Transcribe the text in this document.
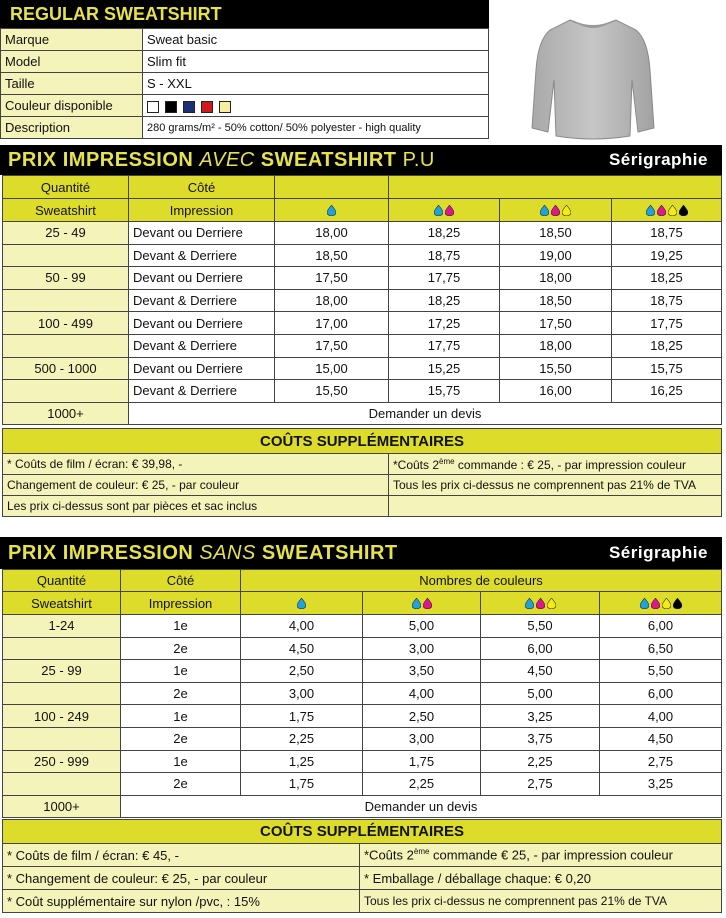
REGULAR SWEATSHIRT
Marque	Sweat basic
Model	Slim fit
Taille	S - XXL
Couleur disponible	
Description	280 grams/m² - 50% cotton/ 50% polyester - high quality
PRIX IMPRESSION AVEC SWEATSHIRT P.U	Sérigraphie
Quantité	Côté				
Sweatshirt	Impression				
25 - 49	Devant ou Derriere	18,00	18,25	18,50	18,75
	Devant & Derriere	18,50	18,75	19,00	19,25
50 - 99	Devant ou Derriere	17,50	17,75	18,00	18,25
	Devant & Derriere	18,00	18,25	18,50	18,75
100 - 499	Devant ou Derriere	17,00	17,25	17,50	17,75
	Devant & Derriere	17,50	17,75	18,00	18,25
500 - 1000	Devant ou Derriere	15,00	15,25	15,50	15,75
	Devant & Derriere	15,50	15,75	16,00	16,25
1000+	Demander un devis				
COÛTS SUPPLÉMENTAIRES	
* Coûts de film / écran: € 39,98, -	*Coûts 2ème commande : € 25, - par impression couleur
Changement de couleur: € 25, - par couleur	Tous les prix ci-dessus ne comprennent pas 21% de TVA
Les prix ci-dessus sont par pièces et sac inclus	
PRIX IMPRESSION SANS SWEATSHIRT	Sérigraphie
Quantité	Côté	Nombres de couleurs			
Sweatshirt	Impression				
1-24	1e	4,00	5,00	5,50	6,00
	2e	4,50	3,00	6,00	6,50
25 - 99	1e	2,50	3,50	4,50	5,50
	2e	3,00	4,00	5,00	6,00
100 - 249	1e	1,75	2,50	3,25	4,00
	2e	2,25	3,00	3,75	4,50
250 - 999	1e	1,25	1,75	2,25	2,75
	2e	1,75	2,25	2,75	3,25
1000+	Demander un devis				
COÛTS SUPPLÉMENTAIRES	
* Coûts de film / écran: € 45, -	*Coûts 2ème commande € 25, - par impression couleur
* Changement de couleur: € 25, - par couleur	* Emballage / déballage chaque: € 0,20
* Coût supplémentaire sur nylon /pvc, : 15%	Tous les prix ci-dessus ne comprennent pas 21% de TVA
